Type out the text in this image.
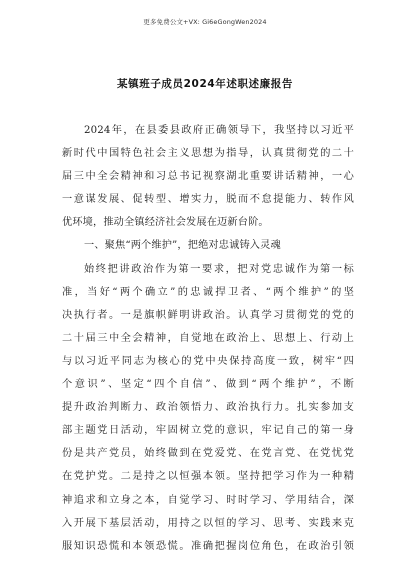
更多免费公文+VX: Gi6eGongWen2024
某镇班子成员2024年述职述廉报告
2024年，在县委县政府正确领导下，我坚持以习近平
新时代中国特色社会主义思想为指导，认真贯彻党的二十
届三中全会精神和习总书记视察湖北重要讲话精神，一心
一意谋发展、促转型、增实力，脱而不怠提能力、转作风
优环境，推动全镇经济社会发展在迈新台阶。
一、聚焦“两个维护”，把绝对忠诚铸入灵魂
始终把讲政治作为第一要求，把对党忠诚作为第一标
准，当好“两个确立”的忠诚捍卫者、“两个维护”的坚
决执行者。一是旗帜鲜明讲政治。认真学习贯彻党的党的
二十届三中全会精神，自觉地在政治上、思想上、行动上
与以习近平同志为核心的党中央保持高度一致，树牢“四
个意识”、坚定“四个自信”、做到“两个维护”，不断
提升政治判断力、政治领悟力、政治执行力。扎实参加支
部主题党日活动，牢固树立党的意识，牢记自己的第一身
份是共产党员，始终做到在党爱党、在党言党、在党忧党
在党护党。二是持之以恒强本领。坚持把学习作为一种精
神追求和立身之本，自觉学习、时时学习、学用结合，深
入开展下基层活动，用持之以恒的学习、思考、实践来克
服知识恐慌和本领恐慌。准确把握岗位角色，在政治引领
